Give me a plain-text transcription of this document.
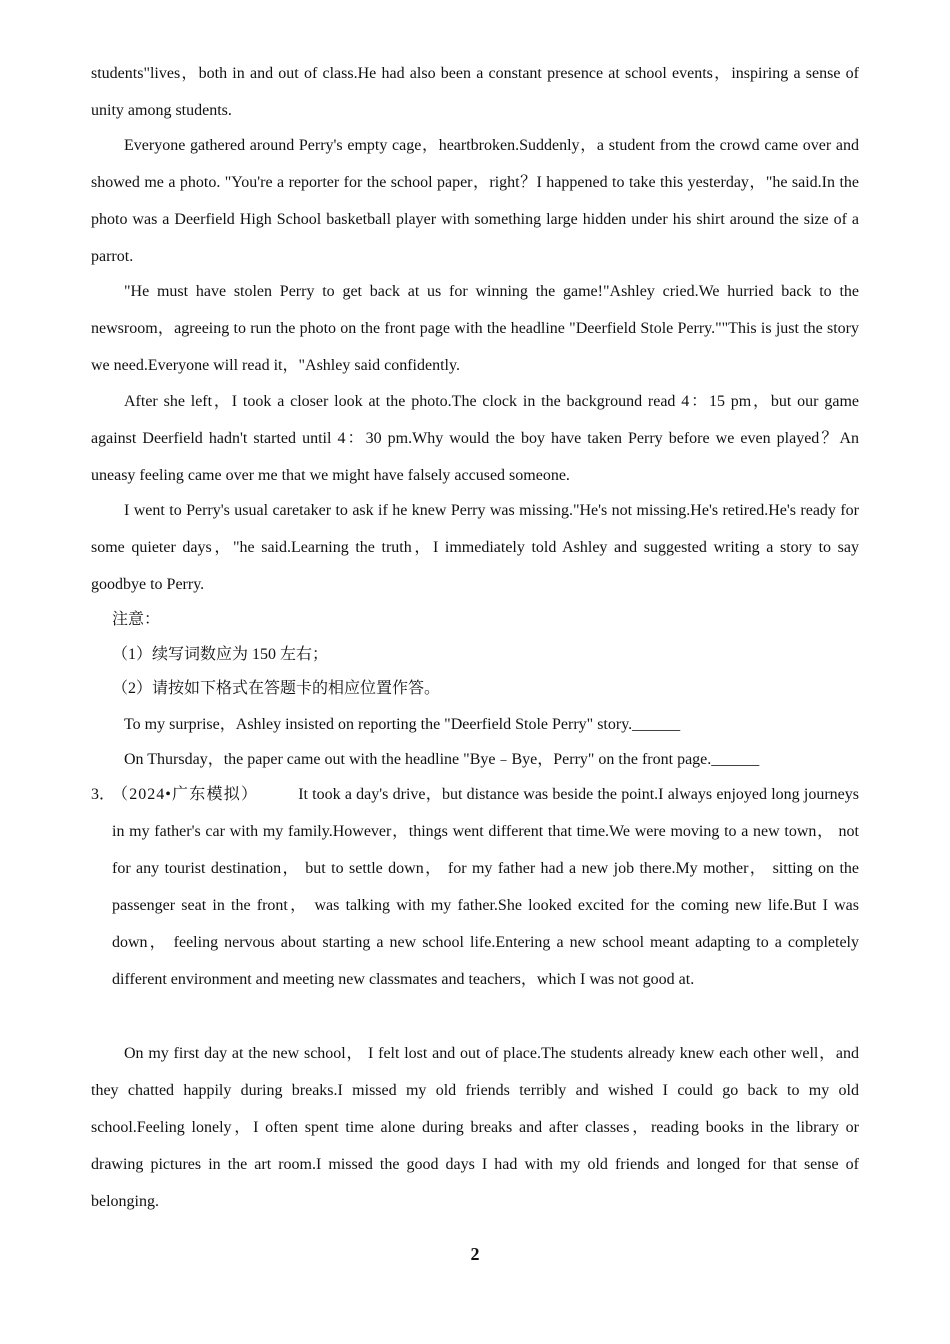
students"lives，both in and out of class.He had also been a constant presence at school events，inspiring a sense of unity among students.

Everyone gathered around Perry's empty cage，heartbroken.Suddenly，a student from the crowd came over and showed me a photo. "You're a reporter for the school paper，right？I happened to take this yesterday，"he said.In the photo was a Deerfield High School basketball player with something large hidden under his shirt around the size of a parrot.

"He must have stolen Perry to get back at us for winning the game!"Ashley cried.We hurried back to the newsroom，agreeing to run the photo on the front page with the headline "Deerfield Stole Perry.""This is just the story we need.Everyone will read it，"Ashley said confidently.

After she left，I took a closer look at the photo.The clock in the background read 4：15 pm，but our game against Deerfield hadn't started until 4：30 pm.Why would the boy have taken Perry before we even played？An uneasy feeling came over me that we might have falsely accused someone.

I went to Perry's usual caretaker to ask if he knew Perry was missing."He's not missing.He's retired.He's ready for some quieter days，"he said.Learning the truth，I immediately told Ashley and suggested writing a story to say goodbye to Perry.

注意：

（1）续写词数应为 150 左右；

（2）请按如下格式在答题卡的相应位置作答。

To my surprise，Ashley insisted on reporting the "Deerfield Stole Perry" story.______

On Thursday，the paper came out with the headline "Bye﹣Bye，Perry" on the front page.______

3．

（2024•广东模拟）	It took a day's drive，but distance was beside the point.I always enjoyed long journeys in my father's car with my family.However，things went different that time.We were moving to a new town， not for any tourist destination， but to settle down， for my father had a new job there.My mother， sitting on the passenger seat in the front， was talking with my father.She looked excited for the coming new life.But I was down， feeling nervous about starting a new school life.Entering a new school meant adapting to a completely different environment and meeting new classmates and teachers，which I was not good at.

On my first day at the new school， I felt lost and out of place.The students already knew each other well，and they chatted happily during breaks.I missed my old friends terribly and wished I could go back to my old school.Feeling lonely，I often spent time alone during breaks and after classes，reading books in the library or drawing pictures in the art room.I missed the good days I had with my old friends and longed for that sense of belonging.

2
